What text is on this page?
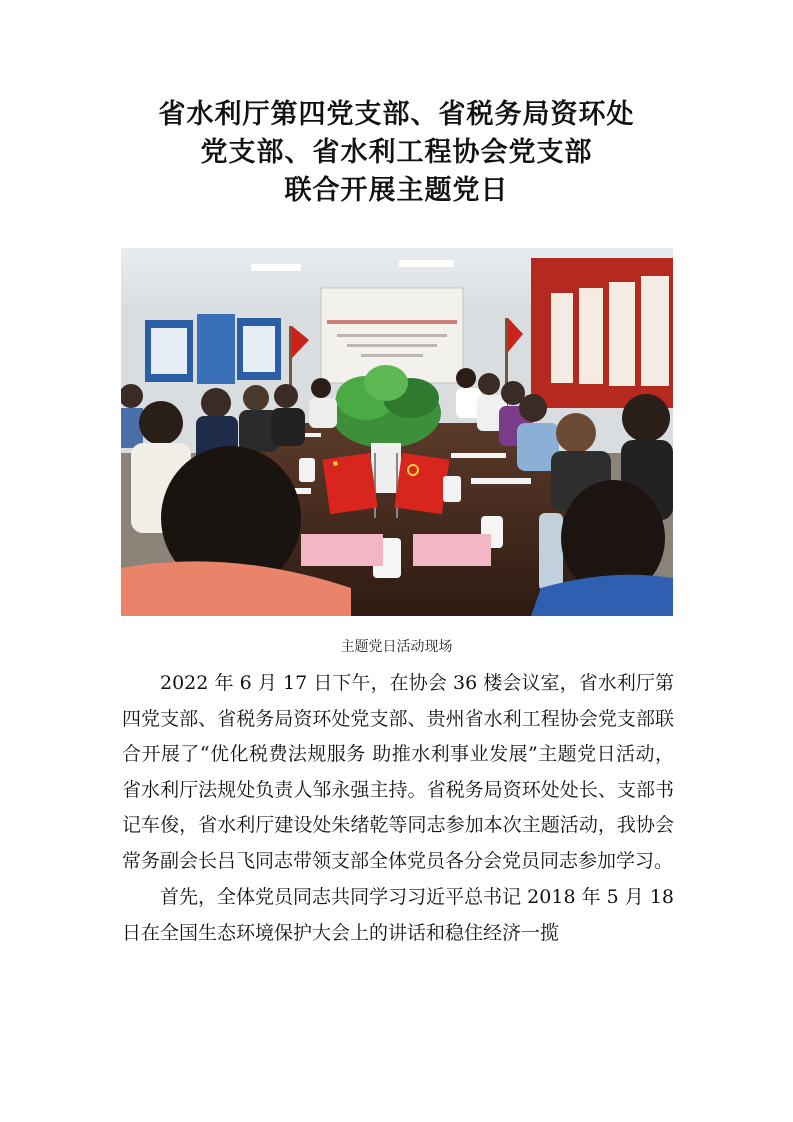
省水利厅第四党支部、省税务局资环处
党支部、省水利工程协会党支部
联合开展主题党日
主题党日活动现场

2022 年 6 月 17 日下午，在协会 36 楼会议室，省水利厅第四党支部、省税务局资环处党支部、贵州省水利工程协会党支部联合开展了“优化税费法规服务 助推水利事业发展”主题党日活动，省水利厅法规处负责人邹永强主持。省税务局资环处处长、支部书记车俊，省水利厅建设处朱绪乾等同志参加本次主题活动，我协会常务副会长吕飞同志带领支部全体党员各分会党员同志参加学习。

首先，全体党员同志共同学习习近平总书记 2018 年 5 月 18 日在全国生态环境保护大会上的讲话和稳住经济一揽
